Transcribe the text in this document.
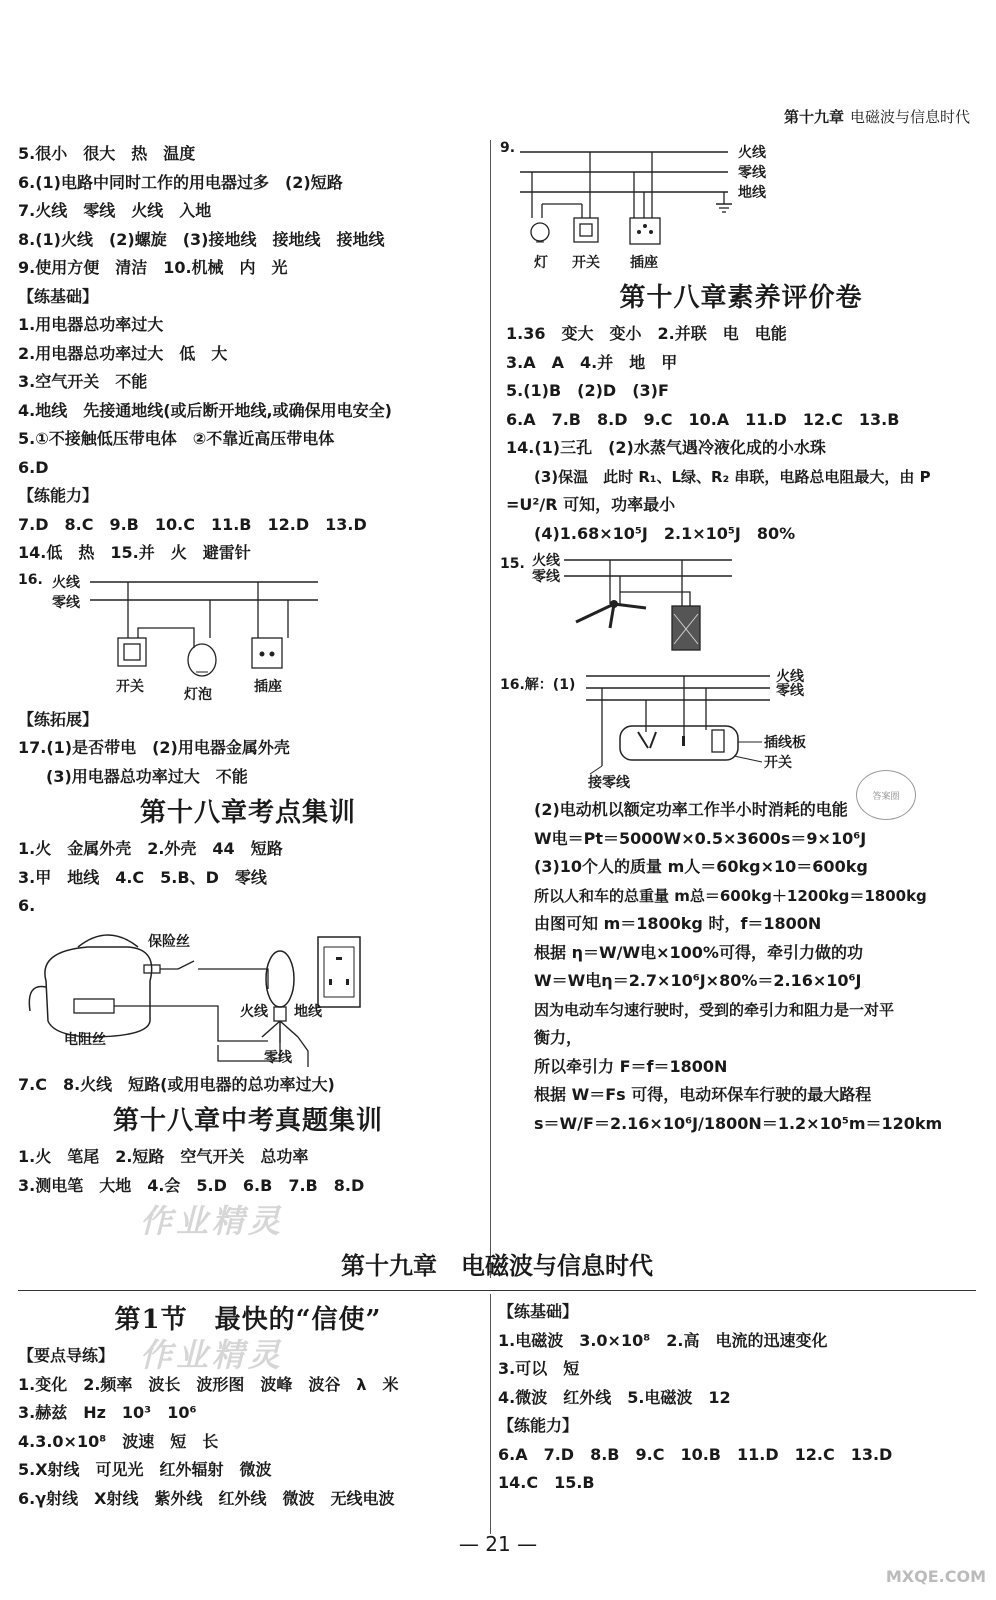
第十九章 电磁波与信息时代
5.很小　很大　热　温度
6.(1)电路中同时工作的用电器过多　(2)短路
7.火线　零线　火线　入地
8.(1)火线　(2)螺旋　(3)接地线　接地线　接地线
9.使用方便　清洁　10.机械　内　光
【练基础】
1.用电器总功率过大
2.用电器总功率过大　低　大
3.空气开关　不能
4.地线　先接通地线(或后断开地线,或确保用电安全)
5.①不接触低压带电体　②不靠近高压带电体
6.D
【练能力】
7.D　8.C　9.B　10.C　11.B　12.D　13.D
14.低　热　15.并　火　避雷针
16. 火线
零线
开关	灯泡	插座
【练拓展】
17.(1)是否带电　(2)用电器金属外壳
(3)用电器总功率过大　不能
第十八章考点集训
1.火　金属外壳　2.外壳　44　短路
3.甲　地线　4.C　5.B、D　零线
6.
保险丝
电阻丝
火线 地线
零线
7.C　8.火线　短路(或用电器的总功率过大)
第十八章中考真题集训
1.火　笔尾　2.短路　空气开关　总功率
3.测电笔　大地　4.会　5.D　6.B　7.B　8.D
作业精灵
9.	火线
零线
地线
灯 开关 插座
第十八章素养评价卷
1.36　变大　变小　2.并联　电　电能
3.A　A　4.并　地　甲
5.(1)B　(2)D　(3)F
6.A　7.B　8.D　9.C　10.A　11.D　12.C　13.B
14.(1)三孔　(2)水蒸气遇冷液化成的小水珠
(3)保温　此时 R₁、L绿、R₂ 串联，电路总电阻最大，由 P
=U²/R 可知，功率最小
(4)1.68×10⁵J　2.1×10⁵J　80%
15. 火线
零线
16.解：(1)	火线
零线
插线板
开关
接零线
(2)电动机以额定功率工作半小时消耗的电能
W电＝Pt＝5000W×0.5×3600s＝9×10⁶J
(3)10个人的质量 m人＝60kg×10＝600kg
所以人和车的总重量 m总＝600kg＋1200kg＝1800kg
由图可知 m＝1800kg 时，f＝1800N
根据 η＝W/W电×100%可得，牵引力做的功
W＝W电η＝2.7×10⁶J×80%＝2.16×10⁶J
因为电动车匀速行驶时，受到的牵引力和阻力是一对平
衡力，
所以牵引力 F＝f＝1800N
根据 W＝Fs 可得，电动环保车行驶的最大路程
s＝W/F＝2.16×10⁶J/1800N＝1.2×10⁵m＝120km
答案圈
第十九章　电磁波与信息时代
第1节　最快的“信使”
【要点导练】
1.变化　2.频率　波长　波形图　波峰　波谷　λ　米
3.赫兹　Hz　10³　10⁶
4.3.0×10⁸　波速　短　长
5.X射线　可见光　红外辐射　微波
6.γ射线　X射线　紫外线　红外线　微波　无线电波
作业精灵
【练基础】
1.电磁波　3.0×10⁸　2.高　电流的迅速变化
3.可以　短
4.微波　红外线　5.电磁波　12
【练能力】
6.A　7.D　8.B　9.C　10.B　11.D　12.C　13.D
14.C　15.B
— 21 —
MXQE.COM
